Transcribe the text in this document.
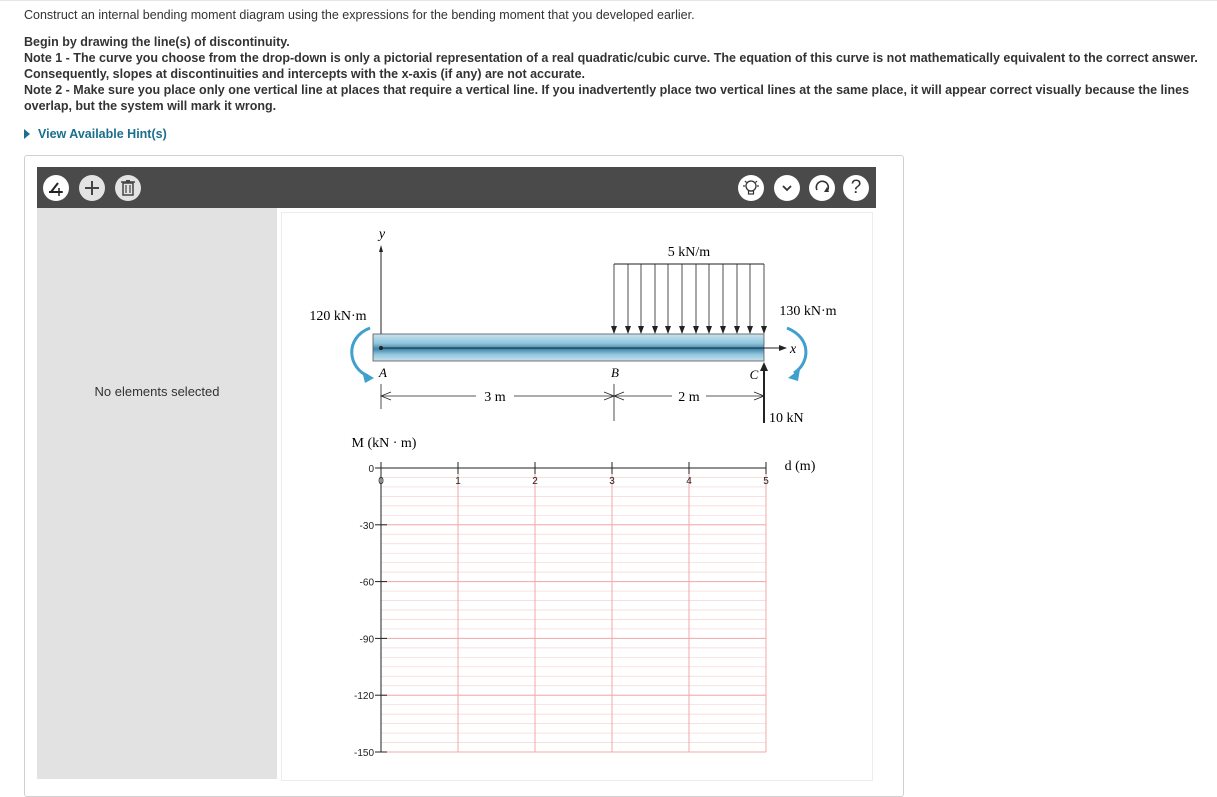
Construct an internal bending moment diagram using the expressions for the bending moment that you developed earlier.

Begin by drawing the line(s) of discontinuity.

Note 1 - The curve you choose from the drop-down is only a pictorial representation of a real quadratic/cubic curve. The equation of this curve is not mathematically equivalent to the correct answer. Consequently, slopes at discontinuities and intercepts with the x-axis (if any) are not accurate.

Note 2 - Make sure you place only one vertical line at places that require a vertical line. If you inadvertently place two vertical lines at the same place, it will appear correct visually because the lines overlap, but the system will mark it wrong.

View Available Hint(s)
?
No elements selected
y
x
5 kN/m
120 kN·m	130 kN·m
A	B	C
10 kN
3 m	2 m
M (kN · m)
d (m)
0	1	2	3	4	5
0
-30
-60
-90
-120
-150
